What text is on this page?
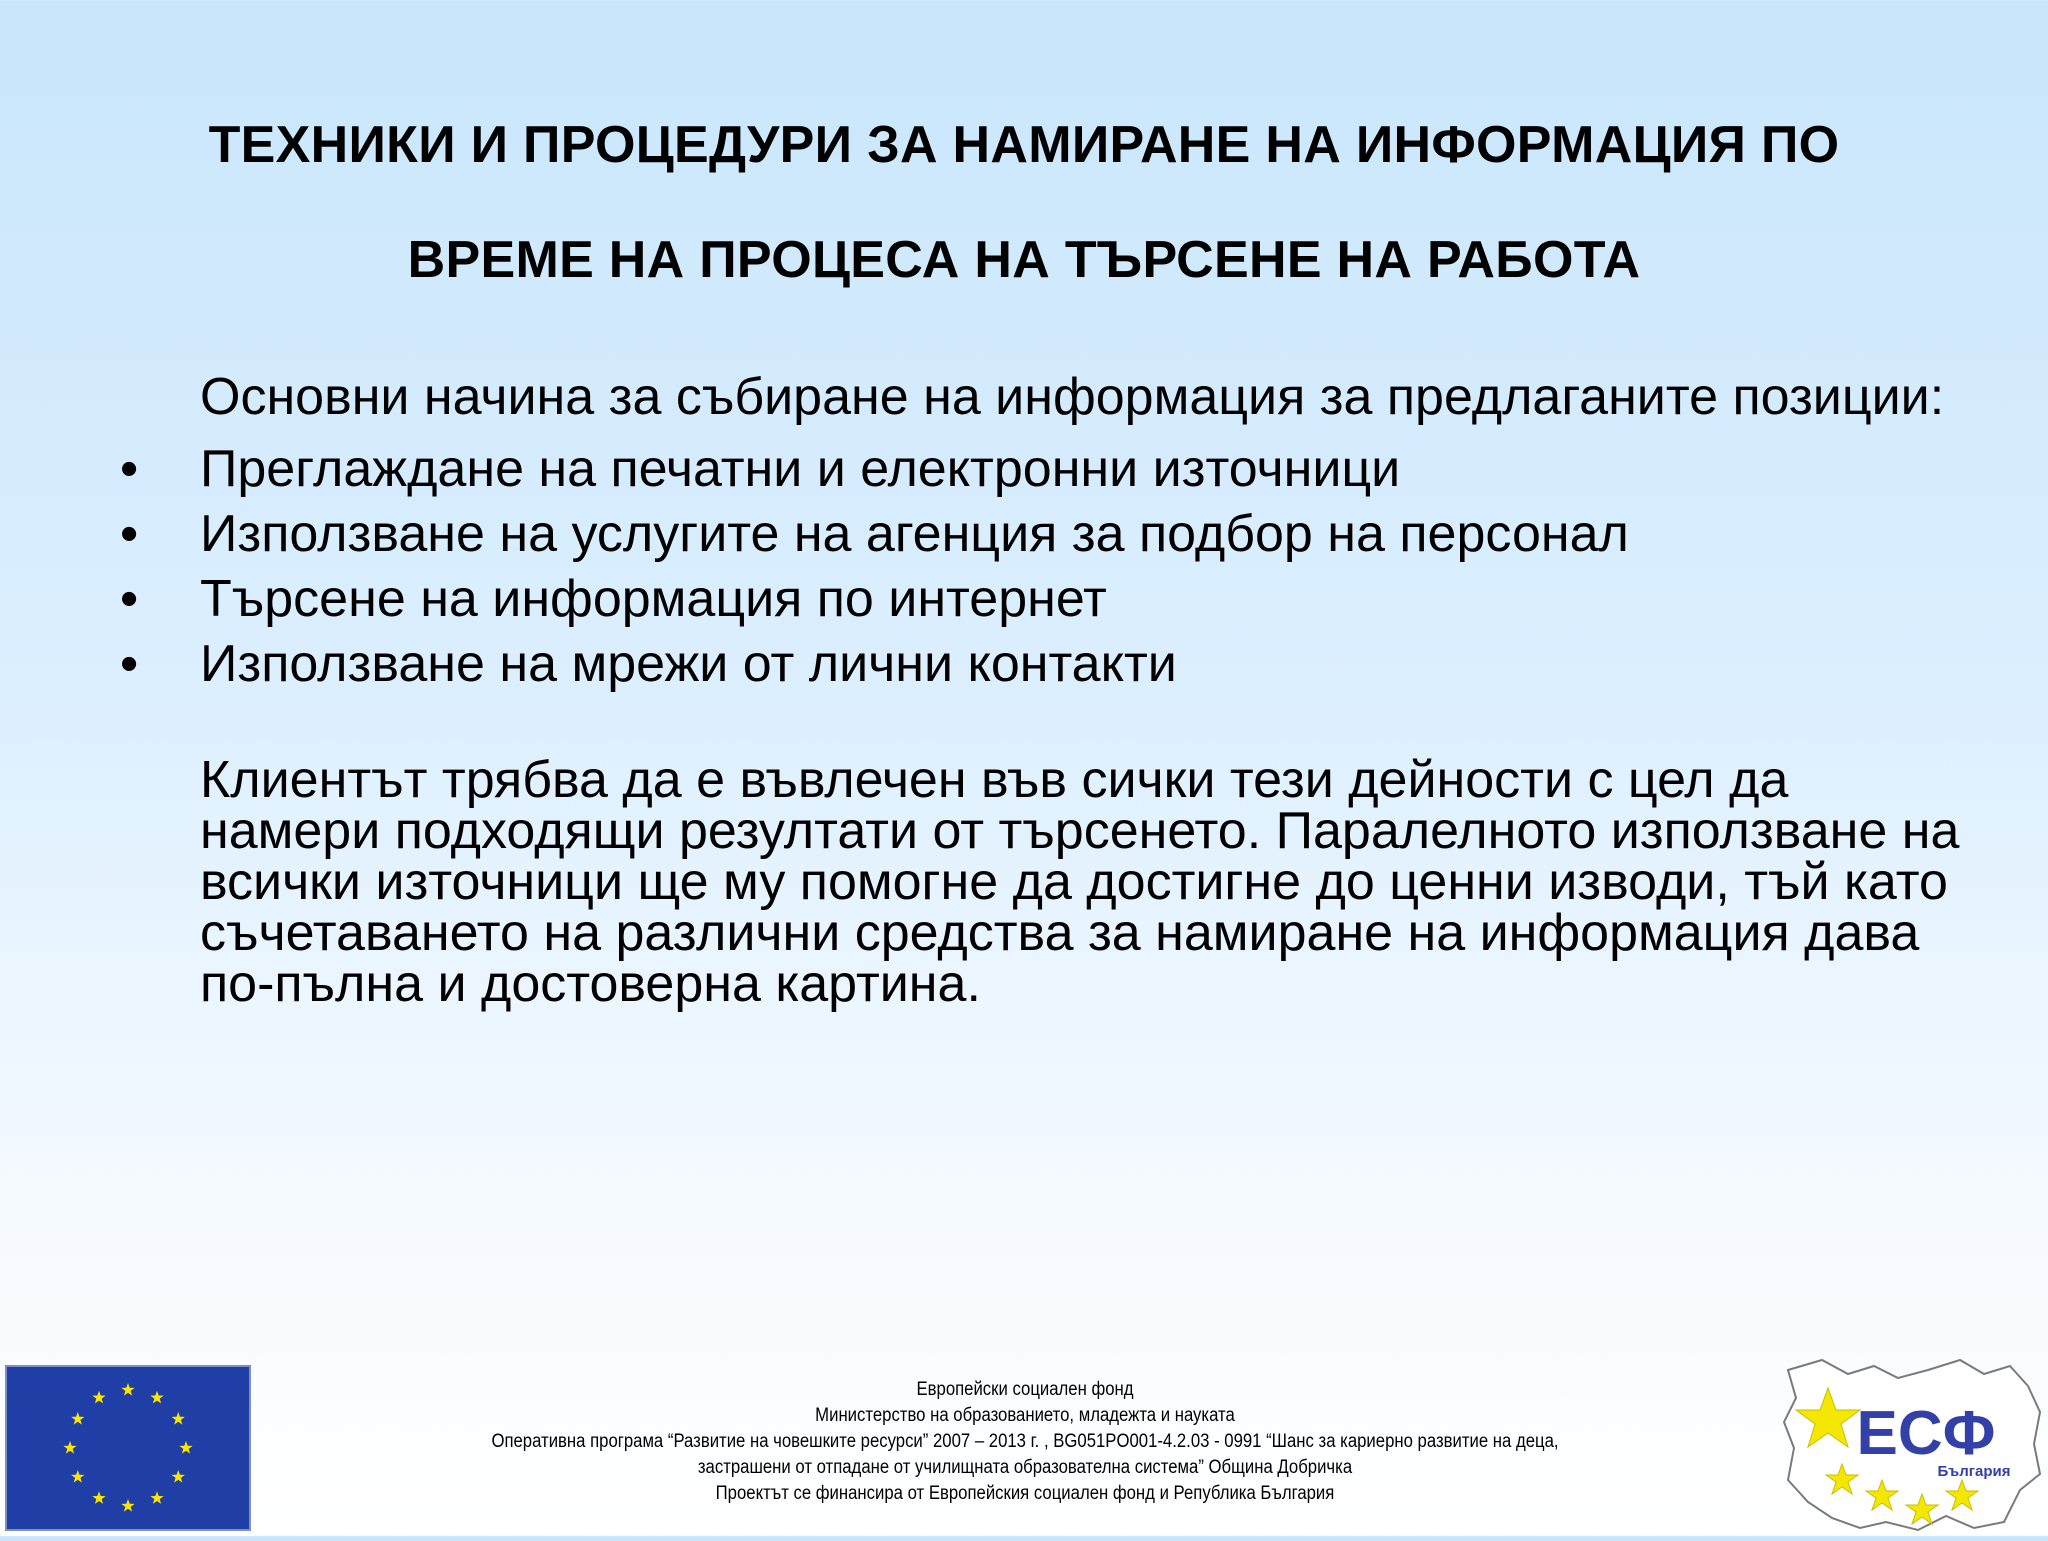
ТЕХНИКИ И ПРОЦЕДУРИ ЗА НАМИРАНЕ НА ИНФОРМАЦИЯ ПО
ВРЕМЕ НА ПРОЦЕСА НА ТЪРСЕНЕ НА РАБОТА

Основни начина за събиране на информация за предлаганите позиции:

• Преглаждане на печатни и електронни източници
• Използване на услугите на агенция за подбор на персонал
• Търсене на информация по интернет
• Използване на мрежи от лични контакти

Клиентът трябва да е въвлечен във сички тези дейности с цел да намери подходящи резултати от търсенето. Паралелното използване на всички източници ще му помогне да достигне до ценни изводи, тъй като съчетаването на различни средства за намиране на информация дава по-пълна и достоверна картина.

Европейски социален фонд
Министерство на образованието, младежта и науката
Оперативна програма “Развитие на човешките ресурси” 2007 – 2013 г. , BG051PO001-4.2.03 - 0991 “Шанс за кариерно развитие на деца,
застрашени от отпадане от училищната образователна система” Община Добричка
Проектът се финансира от Европейския социален фонд и Република България
ЕСФ
България
